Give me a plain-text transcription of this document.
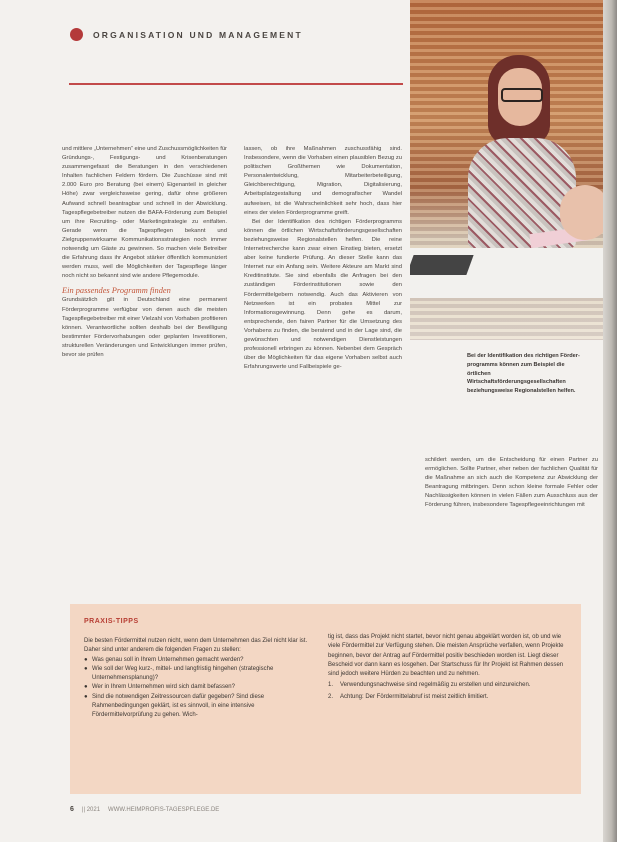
ORGANISATION UND MANAGEMENT
Bei der Identifikation des richtigen Förder-programms können zum Beispiel die örtlichen Wirtschaftsförderungsgesellschaften beziehungsweise Regionalstellen helfen.

und mittlere „Unternehmen“ eine und Zuschussmöglichkeiten für Gründungs-, Festigungs- und Krisenberatungen zusammengefasst die Beratungen in den verschiedenen Inhalten fachlichen Feldern fördern. Die Zuschüsse sind mit 2.000 Euro pro Beratung (bei einem) Eigenanteil in gleicher Höhe) zwar vergleichsweise gering, dafür ohne größeren Aufwand schnell beantragbar und schnell in der Abwicklung. Tagespflegebetreiber nutzen die BAFA-Förderung zum Beispiel um ihre Recruiting- oder Marketingstrategie zu entfalten. Gerade wenn die Tagespflegen bekannt und Zielgruppenwirksame Kommunikationsstrategien noch immer notwendig um Gäste zu gewinnen. So machen viele Betreiber die Erfahrung dass ihr Angebot stärker öffentlich kommuniziert werden muss, weil die Möglichkeiten der Tagespflege länger noch nicht so bekannt sind wie andere Pflegemodule.

Ein passendes Programm finden

Grundsätzlich gilt in Deutschland eine permanent Förderprogramme verfügbar von denen auch die meisten Tagespflegebetreiber mit einer Vielzahl von Vorhaben profitieren können. Verantwortliche sollten deshalb bei der Bewilligung bestimmter Fördervorhabungen oder geplanten Investitionen, strukturellen Veränderungen und Entwicklungen immer prüfen, bevor sie prüfen

lassen, ob ihre Maßnahmen zuschussfähig sind. Insbesondere, wenn die Vorhaben einen plausiblen Bezug zu politischen Großthemen wie Dokumentation, Personalentwicklung, Mitarbeiterbeteiligung, Gleichberechtigung, Migration, Digitalisierung, Arbeitsplatzgestaltung und demografischer Wandel aufweisen, ist die Wahrscheinlichkeit sehr hoch, dass hier eines der vielen Förderprogramme greift.

Bei der Identifikation des richtigen Förderprogramms können die örtlichen Wirtschaftsförderungsgesellschaften beziehungsweise Regionalstellen helfen. Die reine Internetrecherche kann zwar einen Einstieg bieten, ersetzt aber keine fundierte Prüfung. An dieser Stelle kann das Internet nur ein Anfang sein. Weitere Akteure am Markt sind Kreditinstitute. Sie sind ebenfalls die Anfragen bei den zuständigen Förderinstitutionen sowie den Fördermittelgebern notwendig. Auch das Aktivieren von Netzwerken ist ein probates Mittel zur Informationsgewinnung. Denn gehe es darum, entsprechende, den fairen Partner für die Umsetzung des Vorhabens zu finden, die beratend und in der Lage sind, die gewünschten und notwendigen Dienstleistungen professionell erbringen zu können. Nebenbei dem Gespräch über die Möglichkeiten für das eigene Vorhaben selbst auch Erfahrungswerte und Fallbeispiele ge-

schildert werden, um die Entscheidung für einen Partner zu ermöglichen. Sollte Partner, eher neben der fachlichen Qualität für die Maßnahme an sich auch die Kompetenz zur Abwicklung der Beantragung mitbringen. Denn schon kleine formale Fehler oder Nachlässigkeiten können in vielen Fällen zum Ausschluss aus der Förderung führen, insbesondere Tagespflegeeinrichtungen mit

PRAXIS-TIPPS

Die besten Fördermittel nutzen nicht, wenn dem Unternehmen das Ziel nicht klar ist. Daher sind unter anderem die folgenden Fragen zu stellen:

● Was genau soll in Ihrem Unternehmen gemacht werden?
● Wie soll der Weg kurz-, mittel- und langfristig hingehen (strategische Unternehmensplanung)?
● Wer in Ihrem Unternehmen wird sich damit befassen?
● Sind die notwendigen Zeitressourcen dafür gegeben? Sind diese Rahmenbedingungen geklärt, ist es sinnvoll, in eine intensive Fördermittelvorprüfung zu gehen. Wich-

tig ist, dass das Projekt nicht startet, bevor nicht genau abgeklärt worden ist, ob und wie viele Fördermittel zur Verfügung stehen. Die meisten Ansprüche verfallen, wenn Projekte beginnen, bevor der Antrag auf Fördermittel positiv beschieden worden ist. Liegt dieser Bescheid vor dann kann es losgehen. Der Startschuss für Ihr Projekt ist Rahmen dessen sind jedoch weitere Hürden zu beachten und zu nehmen.

1.	Verwendungsnachweise sind regelmäßig zu erstellen und einzureichen.
2.	Achtung: Der Fördermittelabruf ist meist zeitlich limitiert.
6 || 2021 WWW.HEIMPROFIS-TAGESPFLEGE.DE
